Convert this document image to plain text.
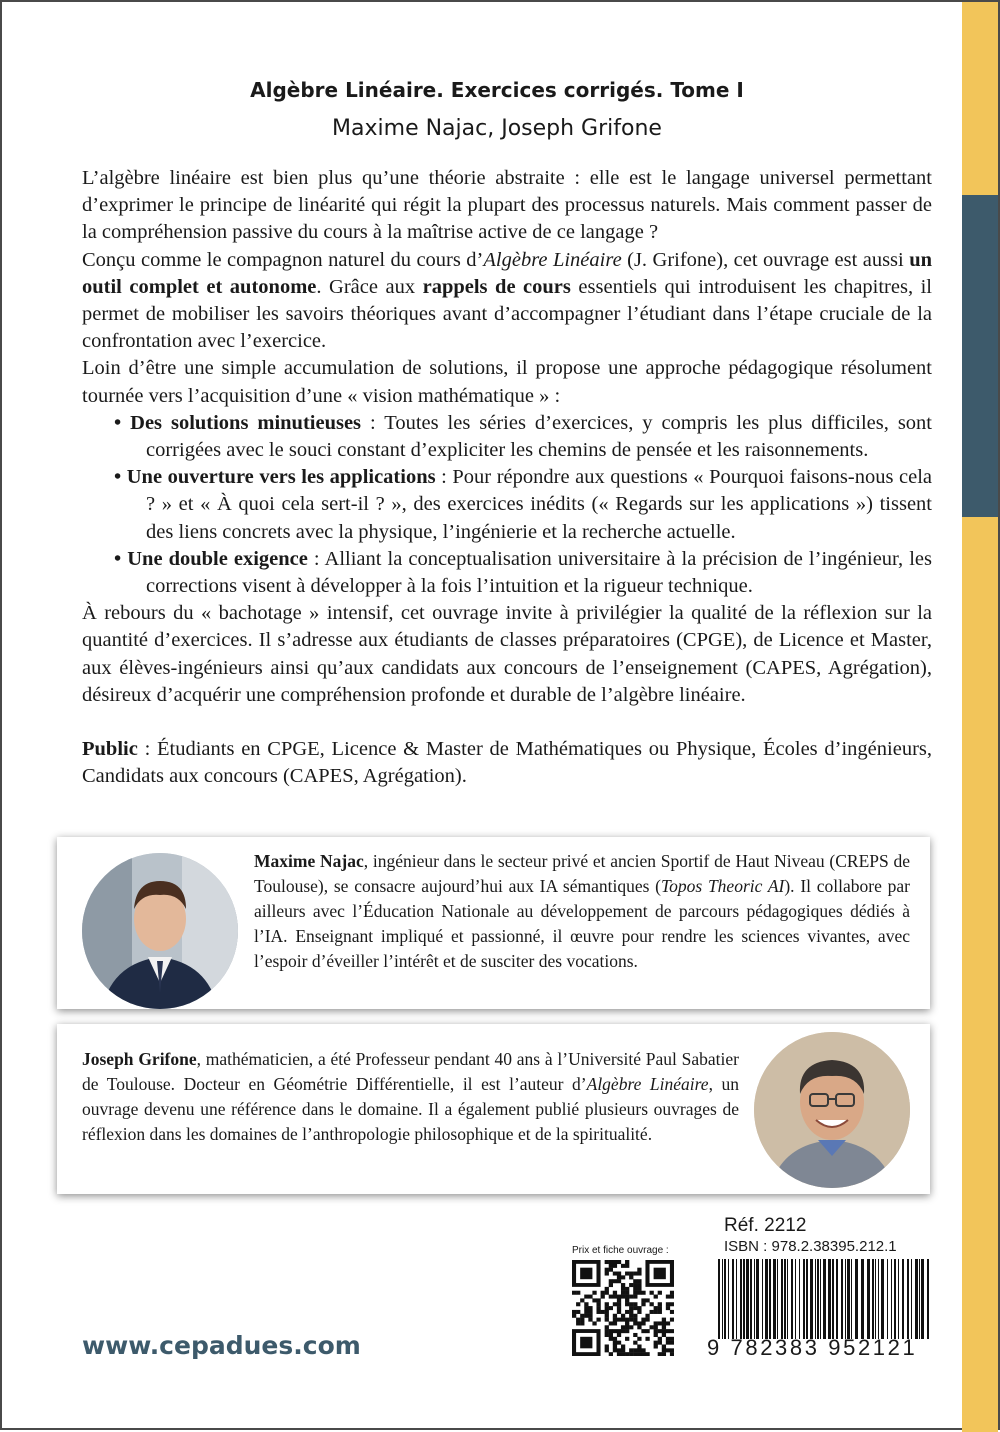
Algèbre Linéaire. Exercices corrigés. Tome I
Maxime Najac, Joseph Grifone

L’algèbre linéaire est bien plus qu’une théorie abstraite : elle est le langage universel permettant d’exprimer le principe de linéarité qui régit la plupart des processus naturels. Mais comment passer de la compréhension passive du cours à la maîtrise active de ce langage ?

Conçu comme le compagnon naturel du cours d’Algèbre Linéaire (J. Grifone), cet ouvrage est aussi un outil complet et autonome. Grâce aux rappels de cours essentiels qui introduisent les chapitres, il permet de mobiliser les savoirs théoriques avant d’accompagner l’étudiant dans l’étape cruciale de la confrontation avec l’exercice.

Loin d’être une simple accumulation de solutions, il propose une approche pédagogique résolument tournée vers l’acquisition d’une « vision mathématique » :

• Des solutions minutieuses : Toutes les séries d’exercices, y compris les plus difficiles, sont corrigées avec le souci constant d’expliciter les chemins de pensée et les raisonnements.

• Une ouverture vers les applications : Pour répondre aux questions « Pourquoi faisons-nous cela ? » et « À quoi cela sert-il ? », des exercices inédits (« Regards sur les applications ») tissent des liens concrets avec la physique, l’ingénierie et la recherche actuelle.

• Une double exigence : Alliant la conceptualisation universitaire à la précision de l’ingénieur, les corrections visent à développer à la fois l’intuition et la rigueur technique.

À rebours du « bachotage » intensif, cet ouvrage invite à privilégier la qualité de la réflexion sur la quantité d’exercices. Il s’adresse aux étudiants de classes préparatoires (CPGE), de Licence et Master, aux élèves-ingénieurs ainsi qu’aux candidats aux concours de l’enseignement (CAPES, Agrégation), désireux d’acquérir une compréhension profonde et durable de l’algèbre linéaire.

Public : Étudiants en CPGE, Licence & Master de Mathématiques ou Physique, Écoles d’ingénieurs, Candidats aux concours (CAPES, Agrégation).

Maxime Najac, ingénieur dans le secteur privé et ancien Sportif de Haut Niveau (CREPS de Toulouse), se consacre aujourd’hui aux IA sémantiques (Topos Theoric AI). Il collabore par ailleurs avec l’Éducation Nationale au développement de parcours pédagogiques dédiés à l’IA. Enseignant impliqué et passionné, il œuvre pour rendre les sciences vivantes, avec l’espoir d’éveiller l’intérêt et de susciter des vocations.
Joseph Grifone, mathématicien, a été Professeur pendant 40 ans à l’Université Paul Sabatier de Toulouse. Docteur en Géométrie Différentielle, il est l’auteur d’Algèbre Linéaire, un ouvrage devenu une référence dans le domaine. Il a également publié plusieurs ouvrages de réflexion dans les domaines de l’anthropologie philosophique et de la spiritualité.
www.cepadues.com
Prix et fiche ouvrage :
Réf. 2212
ISBN : 978.2.38395.212.1
9 782383 952121
